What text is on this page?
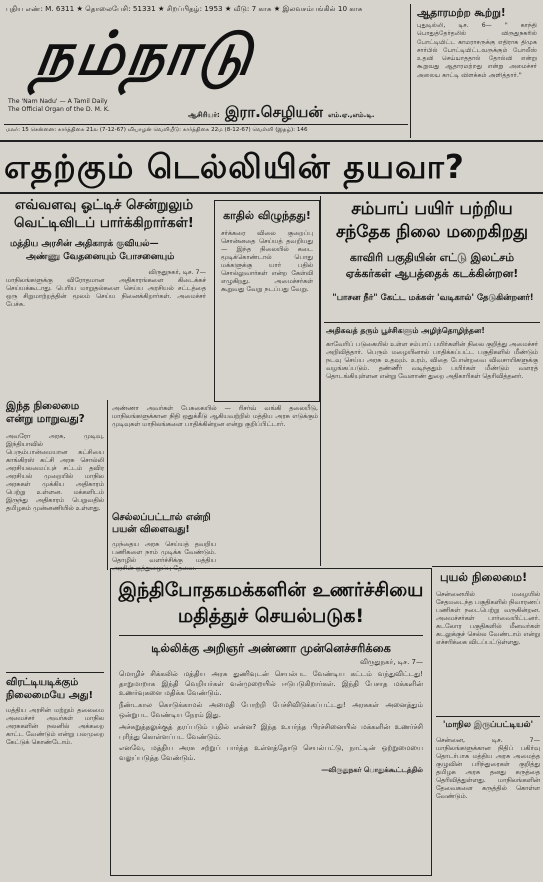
புதிய எண்: M. 6311 ★ தொலைபேசி: 51331 ★ சிறப்பிதழ்: 1953 ★ வீடு: 7 காசு ★ இலவசம்பங்கில் 10 காசு
நம்நாடு
The 'Nam Nadu' — A Tamil Daily
The Official Organ of the D. M. K.
ஆசிரியர்: இரா.செழியன் எம்.ஏ.,எம்.டி.
ஆதாரமற்ற கூற்று!
புதுடில்லி, டிச. 6— " காந்தி பொதுத்தேர்தலில் விருதுநகரில் போட்டியிட்ட காமராசருக்கு எதிராக திமுக சார்பில் போட்டியிட்டவருக்கும் போலீஸ் உதவி செய்யாததால் தோல்வி என்று கூறுவது ஆதாரமற்றது என்று அமைச்சர் அலைய காட்டி விளக்கம் அளித்தார்."
மலர்: 15 சென்னை: கார்த்திகை 21ல (7-12-67) வியாழன் வெளியீடு: கார்த்திகை 22ம (8-12-67) வெள்ளி (இதழ்): 146
எதற்கும் டெல்லியின் தயவா?
எவ்வளவு ஓட்டிச் சென்றுலும்
வெட்டிவிடப் பார்க்கிறார்கள்!
மத்திய அரசின் அதிகாரக் குவியல்—
அண்ணு வேதனையும் போசனையும்
விருதுநகர், டிச. 7—
மாநிலங்களுக்கு விரோதமான அதிகாரங்களை கிடைக்கச் செய்யக்கூடாது. பெரிய மாறுதல்களை செய்ய அரசியல் சட்டத்தை ஒரு சிறுமாற்றத்தின் மூலம் செய்ய நினைக்கிறார்கள். அமைச்சர் பேச்சு.
இந்த நிலைமை என்று மாறுவது?
அவரோ அரசு, முடிவு, இந்தியாவில் பெரும்பான்மையான கட்சியை காங்கிரஸ் கட்சி அரசு சொல்லி அரசியலமைப்புச் சட்டம் தவிர அரசியல் முறையில் மாநில அரசுகள் முக்கிய அதிகாரம் பெற்று உள்ளன. மக்களிடம் இருந்து அதிகாரம் பெறுவதில் தமிழகம் முன்னணியில் உள்ளது.
விரட்டியடிக்கும் நிலைமையே அது!
மத்திய அரசின் மற்றும் தலைமை அமைச்சர் அவர்கள் மாநில அரசுகளின் நலனில் அக்கறை காட்ட வேண்டும் என்று பலமுறை கேட்டுக் கொண்டோம்.
காதில் விழுந்தது!
சர்க்கரை விலை குறைப்பு சொன்னதை செய்யத் தவறியது — இந்த நிலையில் கடை மூடிக்கொண்டால் பொது மக்களுக்கு யார் பதில் சொல்லுவார்கள் என்ற கேள்வி எழுகிறது. அமைச்சர்கள் கூறுவது வேறு நடப்பது வேறு.
அண்ணா அவர்கள் பேசுகையில் — ரிசர்வ் வங்கி தலையீடு, மாநிலங்களுக்கான நிதி ஒதுக்கீடு ஆகியவற்றில் மத்திய அரசு எடுக்கும் முடிவுகள் மாநிலங்களை பாதிக்கின்றன என்று குறிப்பிட்டார்.
செல்லப்பட்டால் என்றி பயன் விளைவது!
முந்தைய அரசு செய்யத் தவறிய பணிகளை நாம் முடிக்க வேண்டும். தொழில் வளர்ச்சிக்கு மத்திய அரசின் ஒத்துழைப்பு தேவை.
சம்பாப் பயிர் பற்றிய
சந்தேக நிலை மறைகிறது
காவிரி பகுதியின் எட்டு இலட்சம்
ஏக்கர்கள் ஆபத்தைக் கடக்கின்றன!
"பாசன நீர்" கேட்ட மக்கள் 'வடிகால்' தேடுகின்றனர்!
அதிகவத் தரும் பூச்சிகளும் அழிந்தொழிந்தன!
காவேரிப் படுகையில் உள்ள சம்பாப் பயிர்களின் நிலை குறித்து அமைச்சர் அறிவித்தார். பெரும் மழையினால் பாதிக்கப்பட்ட பகுதிகளில் மீண்டும் நடவு செய்ய அரசு உதவும். உரம், விதை போன்றவை விவசாயிகளுக்கு வழங்கப்படும். தண்ணீர் வடிந்ததும் பயிர்கள் மீண்டும் வளரத் தொடங்கியுள்ளன என்று வேளாண் துறை அதிகாரிகள் தெரிவித்தனர்.
இந்திபோதகமக்களின் உணர்ச்சியை
மதித்துச் செயல்படுக!
டில்லிக்கு அறிஞர் அண்ணா முன்னெச்சரிக்கை
விருதுநகர், டிச. 7—

மொழிச் சிக்கலில் மத்திய அரசு துணிவுடன் செயல்பட வேண்டிய கட்டம் வந்துவிட்டது! தாறுமாறாக இந்தி வெறியர்கள் வன்முறையில் ஈடுபடுகிறார்கள். இந்தி பேசாத மக்களின் உணர்வுகளை மதிக்க வேண்டும்.

நீண்டகால கொடுக்காமல் அமைதி போற்றி பேச்சிவிடுக்கப்பட்டது! அரசுகள் அனைத்தும் ஒன்றுபட வேண்டிய நேரம் இது.

அச்சுறுத்தலுக்குத் தரப்படும் பதில் என்ன? இந்த உயர்ந்த பிரச்சினையில் மக்களின் உணர்ச்சி புரிந்து கொள்ளப்பட வேண்டும்.

எனவே, மத்திய அரசு சற்றுப் பார்த்த உள்ளத்தோடு செயல்பட்டு, நாட்டின் ஒற்றுமையை வலுப்படுத்த வேண்டும்.

—விருதுநகர் பொதுக்கூட்டத்தில்
புயல் நிலைமை!
சென்னையில் மழையில் சேதமடைந்த பகுதிகளில் நிவாரணப் பணிகள் நடைபெற்று வருகின்றன. அமைச்சர்கள் பார்வையிட்டனர். கடலோர பகுதிகளில் மீனவர்கள் கடலுக்குச் செல்ல வேண்டாம் என்று எச்சரிக்கை விடப்பட்டுள்ளது.
'மாநில இருப்பட்டியல்'
சென்னை, டிச. 7— மாநிலங்களுக்கான நிதிப் பகிர்வு தொடர்பாக மத்திய அரசு அமைத்த குழுவின் பரிந்துரைகள் குறித்து தமிழக அரசு தனது கருத்தை தெரிவித்துள்ளது. மாநிலங்களின் தேவைகளை கருத்தில் கொள்ள வேண்டும்.
